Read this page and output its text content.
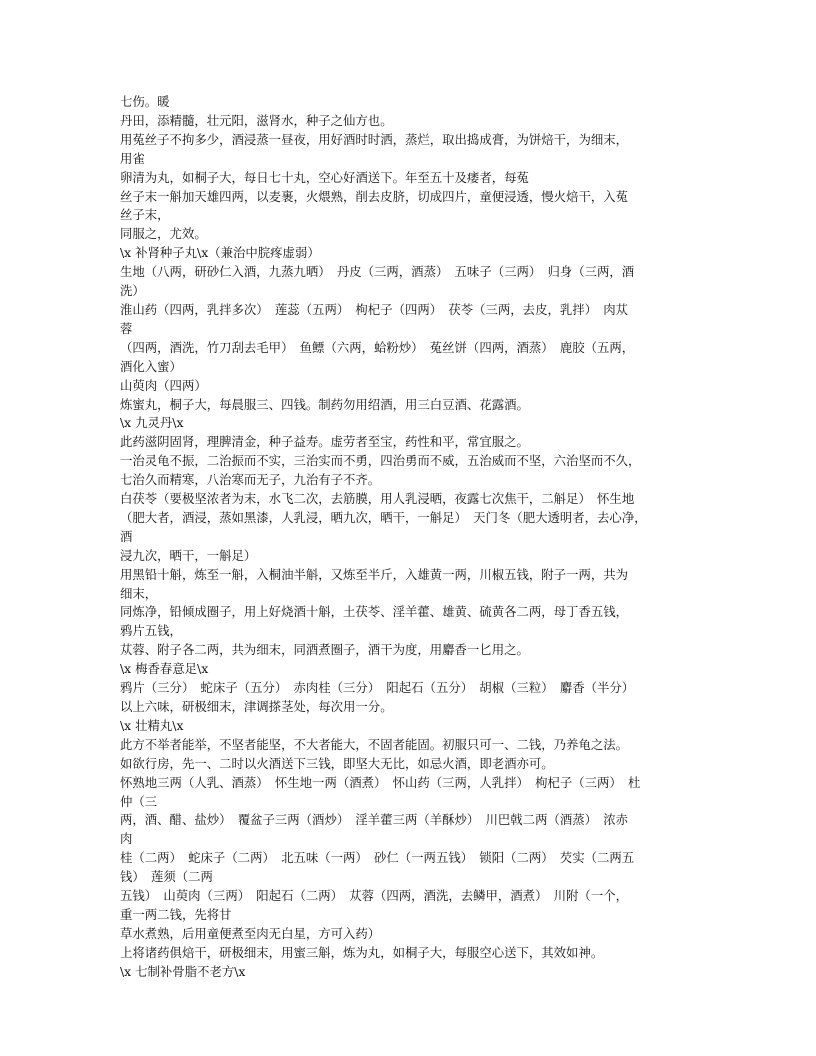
七伤。暖
丹田，添精髓，壮元阳，滋肾水，种子之仙方也。
用菟丝子不拘多少，酒浸蒸一昼夜，用好酒时时洒，蒸烂，取出捣成膏，为饼焙干，为细末，
用雀
卵清为丸，如桐子大，每日七十丸，空心好酒送下。年至五十及痿者，每菟
丝子末一斛加天雄四两，以麦裹，火煨熟，削去皮脐，切成四片，童便浸透，慢火焙干，入菟
丝子末，
同服之，尤效。
\x 补肾种子丸\x（兼治中脘疼虚弱）
生地（八两，研砂仁入酒，九蒸九晒）　丹皮（三两，酒蒸）　五味子（三两）　归身（三两，酒
洗）
淮山药（四两，乳拌多次）　莲蕊（五两）　枸杞子（四两）　茯苓（三两，去皮，乳拌）　肉苁
蓉
（四两，酒洗，竹刀刮去毛甲）　鱼鳔（六两，蛤粉炒）　菟丝饼（四两，酒蒸）　鹿胶（五两，
酒化入蜜）
山萸肉（四两）
炼蜜丸，桐子大，每晨服三、四钱。制药勿用绍酒，用三白豆酒、花露酒。
\x 九灵丹\x
此药滋阴固肾，理脾清金，种子益寿。虚劳者至宝，药性和平，常宜服之。
一治灵龟不振，二治振而不实，三治实而不勇，四治勇而不威，五治威而不坚，六治坚而不久，
七治久而精寒，八治寒而无子，九治有子不齐。
白茯苓（要极坚浓者为末，水飞二次，去筋膜，用人乳浸晒，夜露七次焦干，二斛足）　怀生地
（肥大者，酒浸，蒸如黑漆，人乳浸，晒九次，晒干，一斛足）　天门冬（肥大透明者，去心净，
酒
浸九次，晒干，一斛足）
用黑铅十斛，炼至一斛，入桐油半斛，又炼至半斤，入雄黄一两，川椒五钱，附子一两，共为
细末，
同炼净，铅倾成圈子，用上好烧酒十斛，土茯苓、淫羊藿、雄黄、硫黄各二两，母丁香五钱，
鸦片五钱，
苁蓉、附子各二两，共为细末，同酒煮圈子，酒干为度，用麝香一匕用之。
\x 梅香春意足\x
鸦片（三分）　蛇床子（五分）　赤肉桂（三分）　阳起石（五分）　胡椒（三粒）　麝香（半分）
以上六味，研极细末，津调搽茎处，每次用一分。
\x 壮精丸\x
此方不举者能举，不坚者能坚，不大者能大，不固者能固。初服只可一、二钱，乃养龟之法。
如欲行房，先一、二时以火酒送下三钱，即坚大无比，如忌火酒，即老酒亦可。
怀熟地三两（人乳、酒蒸）　怀生地一两（酒煮）　怀山药（三两，人乳拌）　枸杞子（三两）　杜
仲（三
两，酒、醋、盐炒）　覆盆子三两（酒炒）　淫羊藿三两（羊酥炒）　川巴戟二两（酒蒸）　浓赤
肉
桂（二两）　蛇床子（二两）　北五味（一两）　砂仁（一两五钱）　锁阳（二两）　芡实（二两五
钱）　莲须（二两
五钱）　山萸肉（三两）　阳起石（二两）　苁蓉（四两，酒洗，去鳞甲，酒煮）　川附（一个，
重一两二钱，先将甘
草水煮熟，后用童便煮至肉无白星，方可入药）
上将诸药俱焙干，研极细末，用蜜三斛，炼为丸，如桐子大，每服空心送下，其效如神。
\x 七制补骨脂不老方\x
